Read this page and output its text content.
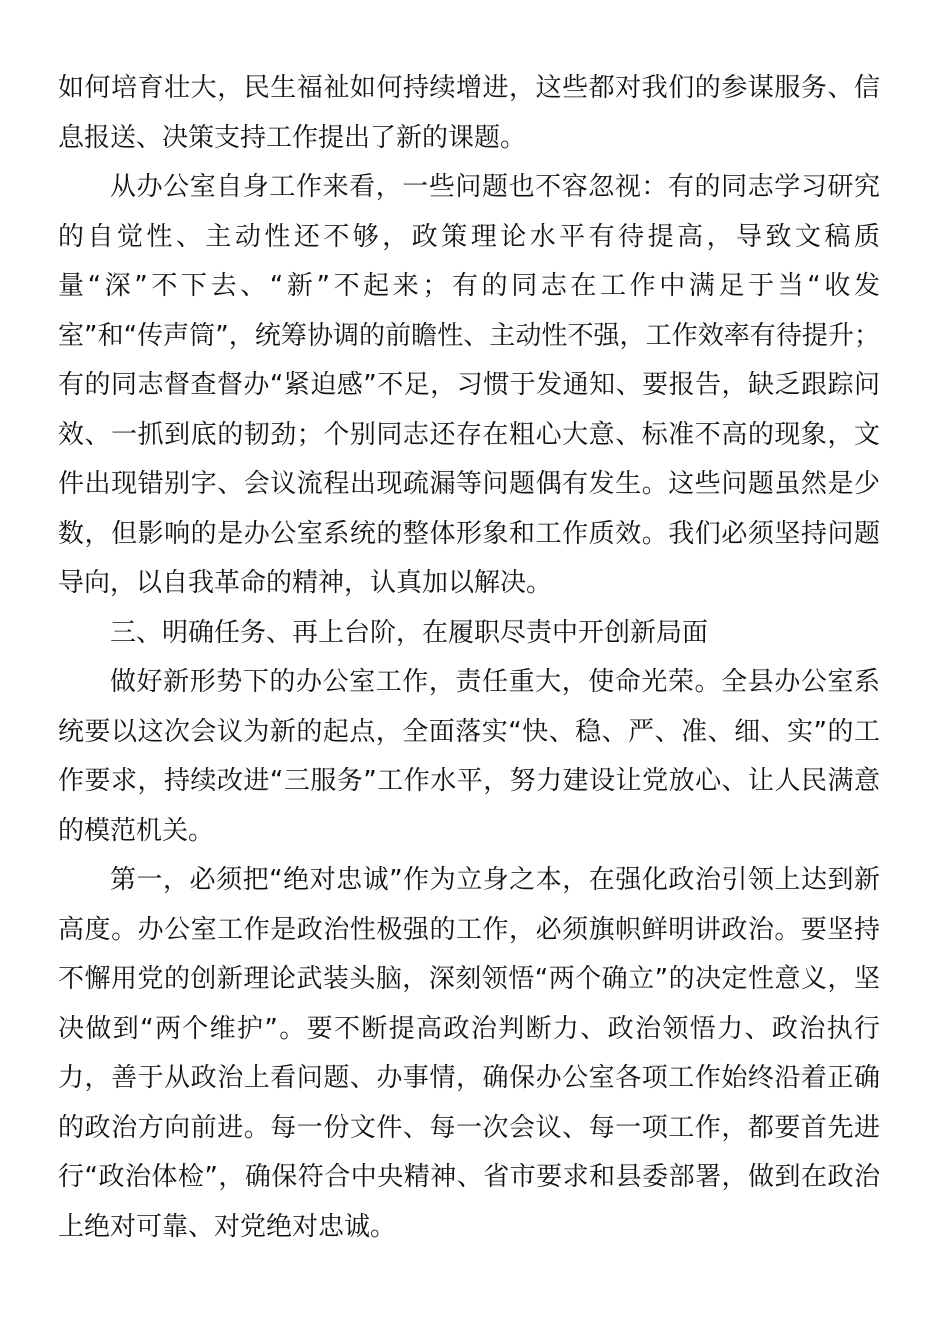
如何培育壮大，民生福祉如何持续增进，这些都对我们的参谋服务、信息报送、决策支持工作提出了新的课题。

从办公室自身工作来看，一些问题也不容忽视：有的同志学习研究的自觉性、主动性还不够，政策理论水平有待提高，导致文稿质量“深”不下去、“新”不起来；有的同志在工作中满足于当“收发室”和“传声筒”，统筹协调的前瞻性、主动性不强，工作效率有待提升；有的同志督查督办“紧迫感”不足，习惯于发通知、要报告，缺乏跟踪问效、一抓到底的韧劲；个别同志还存在粗心大意、标准不高的现象，文件出现错别字、会议流程出现疏漏等问题偶有发生。这些问题虽然是少数，但影响的是办公室系统的整体形象和工作质效。我们必须坚持问题导向，以自我革命的精神，认真加以解决。

三、明确任务、再上台阶，在履职尽责中开创新局面

做好新形势下的办公室工作，责任重大，使命光荣。全县办公室系统要以这次会议为新的起点，全面落实“快、稳、严、准、细、实”的工作要求，持续改进“三服务”工作水平，努力建设让党放心、让人民满意的模范机关。

第一，必须把“绝对忠诚”作为立身之本，在强化政治引领上达到新高度。办公室工作是政治性极强的工作，必须旗帜鲜明讲政治。要坚持不懈用党的创新理论武装头脑，深刻领悟“两个确立”的决定性意义，坚决做到“两个维护”。要不断提高政治判断力、政治领悟力、政治执行力，善于从政治上看问题、办事情，确保办公室各项工作始终沿着正确的政治方向前进。每一份文件、每一次会议、每一项工作，都要首先进行“政治体检”，确保符合中央精神、省市要求和县委部署，做到在政治上绝对可靠、对党绝对忠诚。
